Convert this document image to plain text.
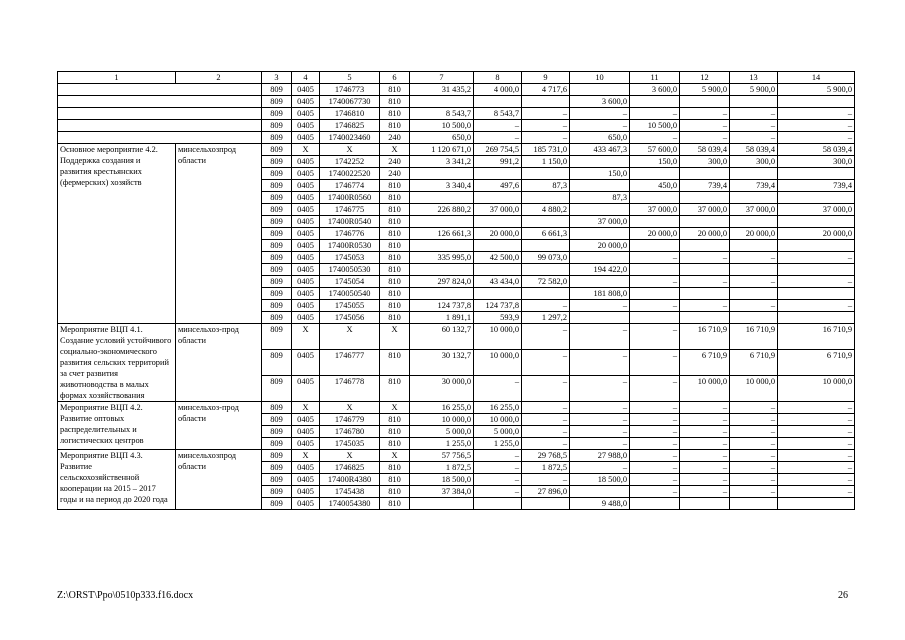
1	2	3	4	5	6	7	8	9	10	11	12	13	14
		809	0405	1746773	810	31 435,2	4 000,0	4 717,6		3 600,0	5 900,0	5 900,0	5 900,0
		809	0405	1740067730	810				3 600,0				
		809	0405	1746810	810	8 543,7	8 543,7	–	–	–	–	–	–
		809	0405	1746825	810	10 500,0	–	–	–	10 500,0	–	–	–
		809	0405	1740023460	240	650,0	–	–	650,0	–	–	–	–
Основное мероприятие 4.2. Поддержка создания и развития крестьянских (фермерских) хозяйств	минсельхозпрод области	809	X	X	X	1 120 671,0	269 754,5	185 731,0	433 467,3	57 600,0	58 039,4	58 039,4	58 039,4
		809	0405	1742252	240	3 341,2	991,2	1 150,0		150,0	300,0	300,0	300,0
		809	0405	1740022520	240				150,0				
		809	0405	1746774	810	3 340,4	497,6	87,3		450,0	739,4	739,4	739,4
		809	0405	17400R0560	810				87,3				
		809	0405	1746775	810	226 880,2	37 000,0	4 880,2		37 000,0	37 000,0	37 000,0	37 000,0
		809	0405	17400R0540	810				37 000,0				
		809	0405	1746776	810	126 661,3	20 000,0	6 661,3		20 000,0	20 000,0	20 000,0	20 000,0
		809	0405	17400R0530	810				20 000,0				
		809	0405	1745053	810	335 995,0	42 500,0	99 073,0		–	–	–	–
		809	0405	1740050530	810				194 422,0				
		809	0405	1745054	810	297 824,0	43 434,0	72 582,0		–	–	–	–
		809	0405	1740050540	810				181 808,0				
		809	0405	1745055	810	124 737,8	124 737,8	–	–	–	–	–	–
		809	0405	1745056	810	1 891,1	593,9	1 297,2					
Мероприятие ВЦП 4.1. Создание условий устойчивого социально-экономического развития сельских территорий за счет развития животноводства в малых формах хозяйствования	минсельхоз-прод области	809	X	X	X	60 132,7	10 000,0	–	–	–	16 710,9	16 710,9	16 710,9
		809	0405	1746777	810	30 132,7	10 000,0	–	–	–	6 710,9	6 710,9	6 710,9
		809	0405	1746778	810	30 000,0	–	–	–	–	10 000,0	10 000,0	10 000,0
Мероприятие ВЦП 4.2. Развитие оптовых распределительных и логистических центров	минсельхоз-прод области	809	X	X	X	16 255,0	16 255,0	–	–	–	–	–	–
		809	0405	1746779	810	10 000,0	10 000,0	–	–	–	–	–	–
		809	0405	1746780	810	5 000,0	5 000,0	–	–	–	–	–	–
		809	0405	1745035	810	1 255,0	1 255,0	–	–	–	–	–	–
Мероприятие ВЦП 4.3. Развитие сельскохозяйственной кооперации на 2015 – 2017 годы и на период до 2020 года	минсельхозпрод области	809	X	X	X	57 756,5	–	29 768,5	27 988,0	–	–	–	–
		809	0405	1746825	810	1 872,5	–	1 872,5	–	–	–	–	–
		809	0405	17400R4380	810	18 500,0	–	–	18 500,0	–	–	–	–
		809	0405	1745438	810	37 384,0	–	27 896,0		–	–	–	–
		809	0405	1740054380	810				9 488,0				
Z:\ORST\Ppo\0510p333.f16.docx	26
